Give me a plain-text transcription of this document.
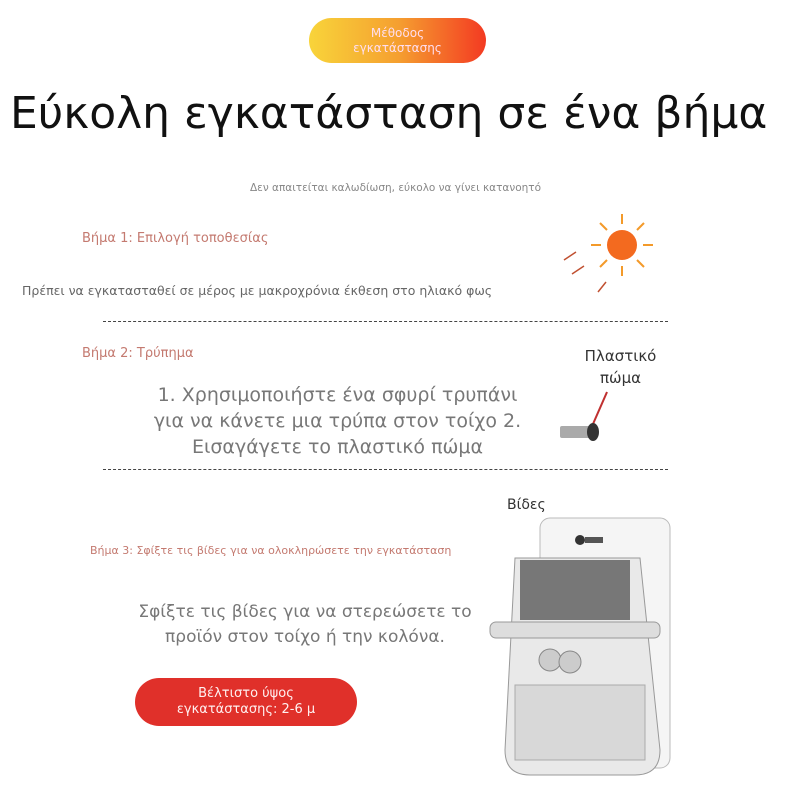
Μέθοδος εγκατάστασης
Εύκολη εγκατάσταση σε ένα βήμα
Δεν απαιτείται καλωδίωση, εύκολο να γίνει κατανοητό
Βήμα 1: Επιλογή τοποθεσίας
Πρέπει να εγκατασταθεί σε μέρος με μακροχρόνια έκθεση στο ηλιακό φως
Βήμα 2: Τρύπημα
1. Χρησιμοποιήστε ένα σφυρί τρυπάνι για να κάνετε μια τρύπα στον τοίχο 2. Εισαγάγετε το πλαστικό πώμα
Πλαστικό πώμα
Βίδες
Βήμα 3: Σφίξτε τις βίδες για να ολοκληρώσετε την εγκατάσταση
Σφίξτε τις βίδες για να στερεώσετε το προϊόν στον τοίχο ή την κολόνα.
Βέλτιστο ύψος εγκατάστασης: 2-6 μ
